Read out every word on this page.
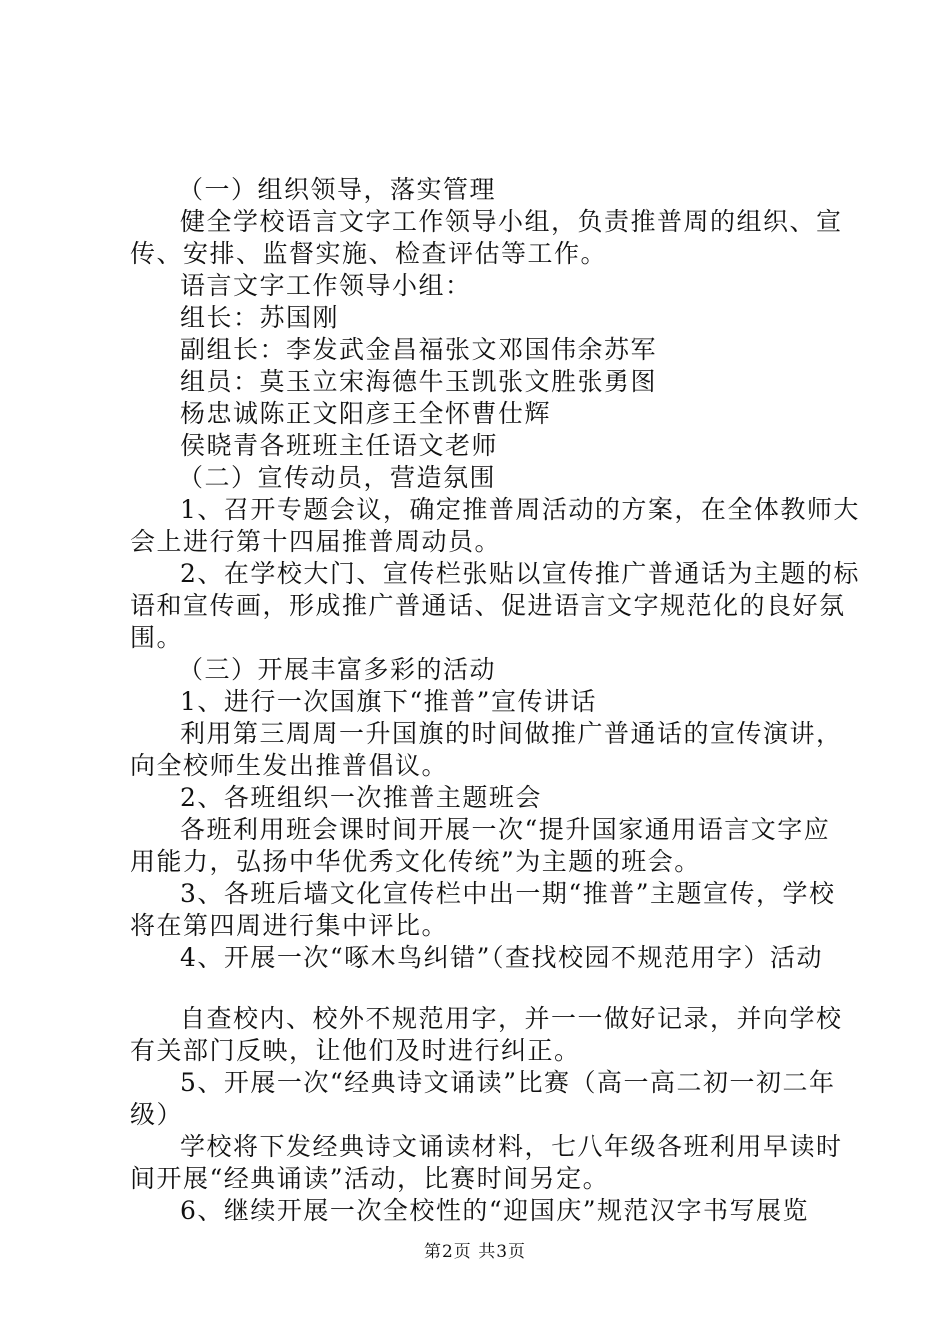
（一）组织领导，落实管理
健全学校语言文字工作领导小组，负责推普周的组织、宣
传、安排、监督实施、检查评估等工作。
语言文字工作领导小组：
组长：苏国刚
副组长：李发武金昌福张文邓国伟余苏军
组员：莫玉立宋海德牛玉凯张文胜张勇图
杨忠诚陈正文阳彦王全怀曹仕辉
侯晓青各班班主任语文老师
（二）宣传动员，营造氛围
1、召开专题会议，确定推普周活动的方案，在全体教师大
会上进行第十四届推普周动员。
2、在学校大门、宣传栏张贴以宣传推广普通话为主题的标
语和宣传画，形成推广普通话、促进语言文字规范化的良好氛
围。
（三）开展丰富多彩的活动
1、进行一次国旗下“推普”宣传讲话
利用第三周周一升国旗的时间做推广普通话的宣传演讲，
向全校师生发出推普倡议。
2、各班组织一次推普主题班会
各班利用班会课时间开展一次“提升国家通用语言文字应
用能力，弘扬中华优秀文化传统”为主题的班会。
3、各班后墙文化宣传栏中出一期“推普”主题宣传，学校
将在第四周进行集中评比。
4、开展一次“啄木鸟纠错”（查找校园不规范用字）活动
自查校内、校外不规范用字，并一一做好记录，并向学校
有关部门反映，让他们及时进行纠正。
5、开展一次“经典诗文诵读”比赛（高一高二初一初二年
级）
学校将下发经典诗文诵读材料，七八年级各班利用早读时
间开展“经典诵读”活动，比赛时间另定。
6、继续开展一次全校性的“迎国庆”规范汉字书写展览
第2页 共3页
